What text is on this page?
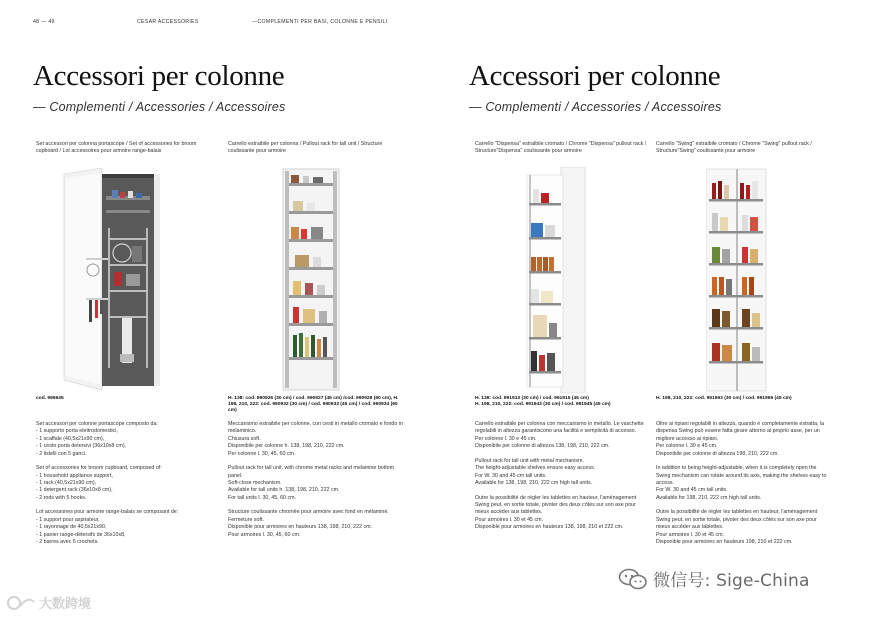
48 — 49	CESAR ACCESSORIES	—COMPLEMENTI PER BASI, COLONNE E PENSILI
Accessori per colonne
— Complementi / Accessories / Accessoires
Accessori per colonne
— Complementi / Accessories / Accessoires
Set accessori per colonna portascope / Set of accessories for broom cupboard / Lot accessoires pour armoire range-balais
Carrello estraibile per colonna / Pullout rack for tall unit / Structure coulissante pour armoire
Carrello "Dispensa" estraibile cromato / Chrome "Dispensa" pullout rack / Structure"Dispensa" coulissante pour armoire
Carrello "Swing" estraibile cromato / Chrome "Swing" pullout rack / Structure"Swing" coulissante pour armoire
cod. 995635	H. 138: cod. 990926 (30 cm) / cod. 990927 (45 cm) /cod. 990928 (60 cm), H. 198, 210, 222: cod. 990932 (30 cm) / cod. 990933 (45 cm) / cod. 990934 (60 cm)
H. 138: cod. 991913 (30 cm) / cod. 991915 (45 cm)
H. 198, 210, 222: cod. 991943 (30 cm) / cod. 991945 (45 cm)
H. 198, 210, 222: cod. 991963 (30 cm) / cod. 991965 (45 cm)

Set accessori per colonne portascope composto da:
- 1 supporto porta elettrodomestici,
- 1 scaffale (40,5x21x90 cm),
- 1 cesto porta detersivi (36x10x8 cm),
- 2 listelli con 5 ganci.

Set of accessories for broom cupboard, composed of:
- 1 household appliance support,
- 1 rack (40,5x21x90 cm),
- 1 detergent rack (36x10x8 cm),
- 2 rods with 5 hooks.

Lot accessoires pour armoire range-balais se composant de:
- 1 support pour aspirateur,
- 1 rayonnage de 40,5x21x90,
- 1 panier range-détersifs de 36x10x8,
- 2 barres avec 5 crochets.

Meccanismo estraibile per colonne, con cesti in metallo cromato e fondo in melaminico.
Chiusura soft.
Disponibile per colonne h. 138, 198, 210, 222 cm.
Per colonne l. 30, 45, 60 cm.

Pullout rack for tall unit, with chrome metal racks and melamine bottom panel.
Soft-close mechanism.
Available for tall units h. 138, 198, 210, 222 cm.
For tall units l. 30, 45, 60 cm.

Structure coulissante chromée pour armoire avec fond en mélaminé.
Fermeture soft.
Disponible pour armoires en hauteurs 138, 198, 210, 222 cm.
Pour armoires l. 30, 45, 60 cm.

Carrello estraibile per colonna con meccanismo in metallo. Le vaschette regolabili in altezza garantiscono una facilità e semplicità di accesso.
Per colonne l. 30 e 45 cm.
Disponibile per colonne di altezza 138, 198, 210, 222 cm.

Pullout rack for tall unit with metal mechanism.
The height-adjustable shelves ensure easy access.
For W. 30 and 45 cm tall units.
Available for 138, 198, 210, 222 cm high tall units.

Outre la possibilité de régler les tablettes en hauteur, l'aménagement Swing peut, en sortie totale, pivoter des deux côtés sur son axe pour mieux accéder aux tablettes.
Pour armoires l. 30 et 45 cm.
Disponible pour armoires en hauteurs 138, 198, 210 et 222 cm.

Oltre ai ripiani regolabili in altezza, quando è completamente estratta, la dispensa Swing può essere fatta girare attorno al proprio asse, per un migliore accesso ai ripiani.
Per colonne l. 30 e 45 cm.
Disponibile per colonne di altezza 198, 210, 222 cm.

In addition to being height-adjustable, when it is completely open the Swing mechanism can rotate around its axis, making the shelves easy to access.
For W. 30 and 45 cm tall units.
Available for 198, 210, 222 cm high tall units.

Outre la possibilité de régler les tablettes en hauteur, l'aménagement Swing peut, en sortie totale, pivoter des deux côtés sur son axe pour mieux accéder aux tablettes.
Pour armoires l. 30 et 45 cm.
Disponible pour armoires en hauteurs 198, 210 et 222 cm.

微信号: Sige-China
大数跨境
